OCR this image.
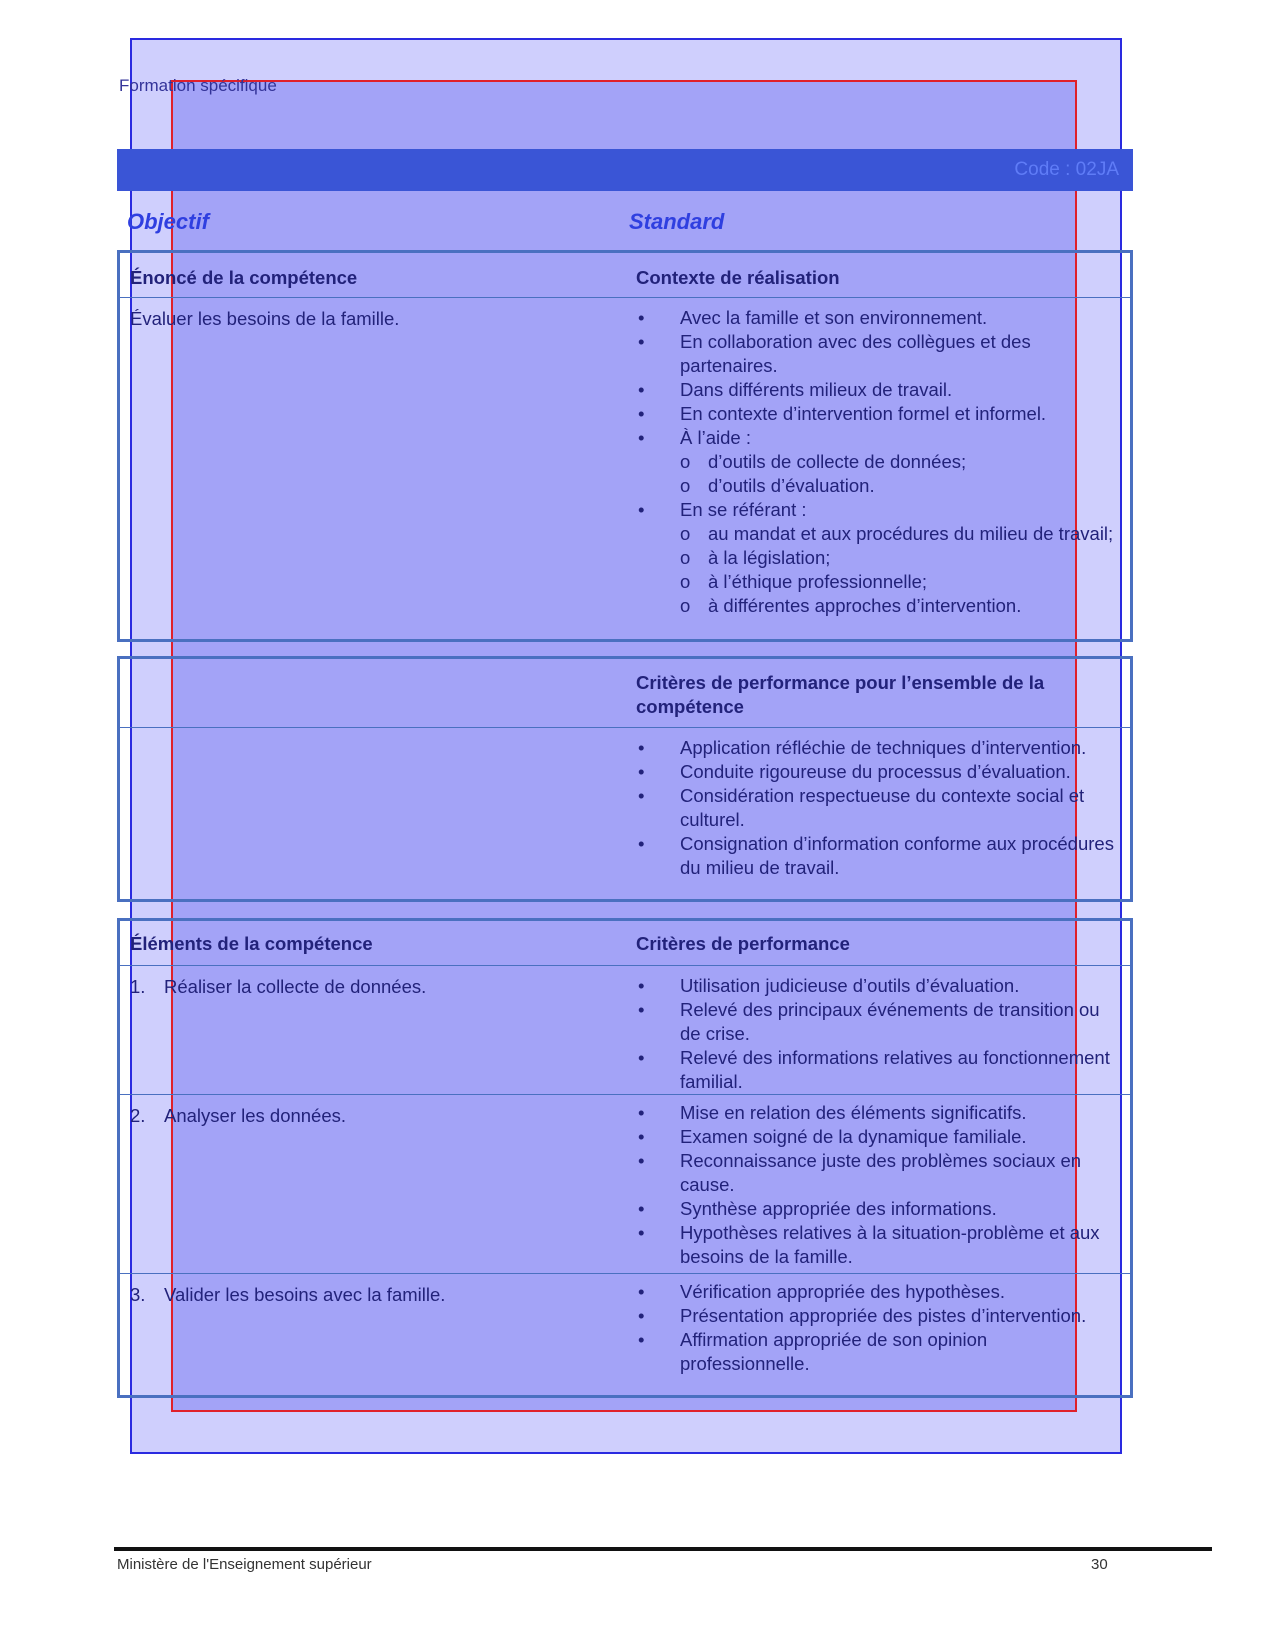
Formation spécifique
Code : 02JA
Objectif	Standard
Énoncé de la compétence	Contexte de réalisation
Évaluer les besoins de la famille.	• Avec la famille et son environnement.
• En collaboration avec des collègues et des partenaires.
• Dans différents milieux de travail.
• En contexte d’intervention formel et informel.
• À l’aide :
o d’outils de collecte de données;
o d’outils d’évaluation.
• En se référant :
o au mandat et aux procédures du milieu de travail;
o à la législation;
o à l’éthique professionnelle;
o à différentes approches d’intervention.
Critères de performance pour l’ensemble de la compétence
• Application réfléchie de techniques d’intervention.
• Conduite rigoureuse du processus d’évaluation.
• Considération respectueuse du contexte social et culturel.
• Consignation d’information conforme aux procédures du milieu de travail.
Éléments de la compétence	Critères de performance
1. Réaliser la collecte de données.	• Utilisation judicieuse d’outils d’évaluation.
• Relevé des principaux événements de transition ou de crise.
• Relevé des informations relatives au fonctionnement familial.
2. Analyser les données.	• Mise en relation des éléments significatifs.
• Examen soigné de la dynamique familiale.
• Reconnaissance juste des problèmes sociaux en cause.
• Synthèse appropriée des informations.
• Hypothèses relatives à la situation-problème et aux besoins de la famille.
3. Valider les besoins avec la famille.	• Vérification appropriée des hypothèses.
• Présentation appropriée des pistes d’intervention.
• Affirmation appropriée de son opinion professionnelle.
Ministère de l'Enseignement supérieur	30
